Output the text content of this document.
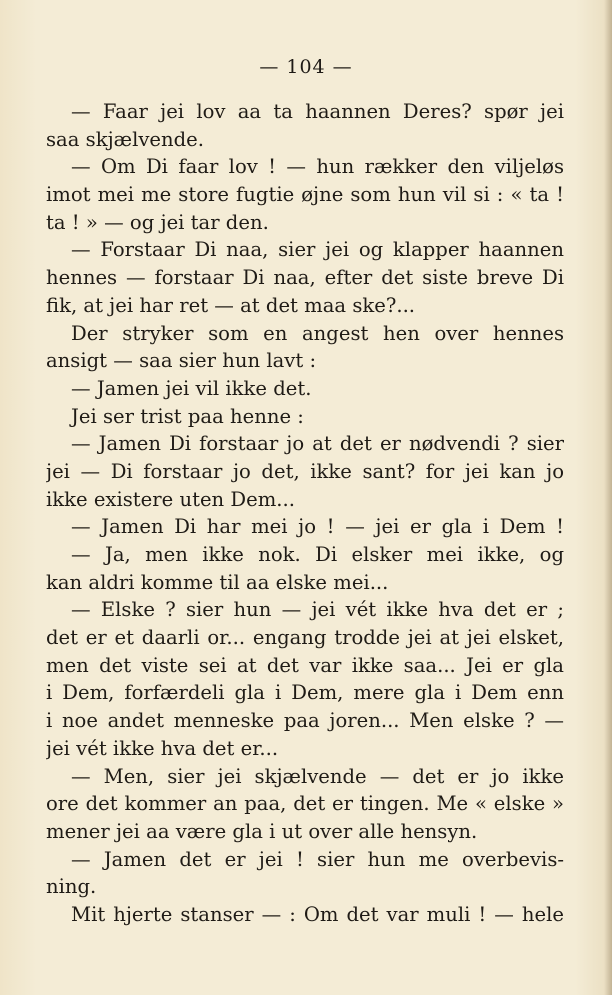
— 104 —
— Faar jei lov aa ta haannen Deres? spør jei
saa skjælvende.
— Om Di faar lov ! — hun rækker den viljeløs
imot mei me store fugtie øjne som hun vil si : « ta !
ta ! » — og jei tar den.
— Forstaar Di naa, sier jei og klapper haannen
hennes — forstaar Di naa, efter det siste breve Di
fik, at jei har ret — at det maa ske?...
Der stryker som en angest hen over hennes
ansigt — saa sier hun lavt :
— Jamen jei vil ikke det.
Jei ser trist paa henne :
— Jamen Di forstaar jo at det er nødvendi ? sier
jei — Di forstaar jo det, ikke sant? for jei kan jo
ikke existere uten Dem...
— Jamen Di har mei jo ! — jei er gla i Dem !
— Ja, men ikke nok. Di elsker mei ikke, og
kan aldri komme til aa elske mei...
— Elske ? sier hun — jei vét ikke hva det er ;
det er et daarli or... engang trodde jei at jei elsket,
men det viste sei at det var ikke saa... Jei er gla
i Dem, forfærdeli gla i Dem, mere gla i Dem enn
i noe andet menneske paa joren... Men elske ? —
jei vét ikke hva det er...
— Men, sier jei skjælvende — det er jo ikke
ore det kommer an paa, det er tingen. Me « elske »
mener jei aa være gla i ut over alle hensyn.
— Jamen det er jei ! sier hun me overbevis-
ning.
Mit hjerte stanser — : Om det var muli ! — hele
